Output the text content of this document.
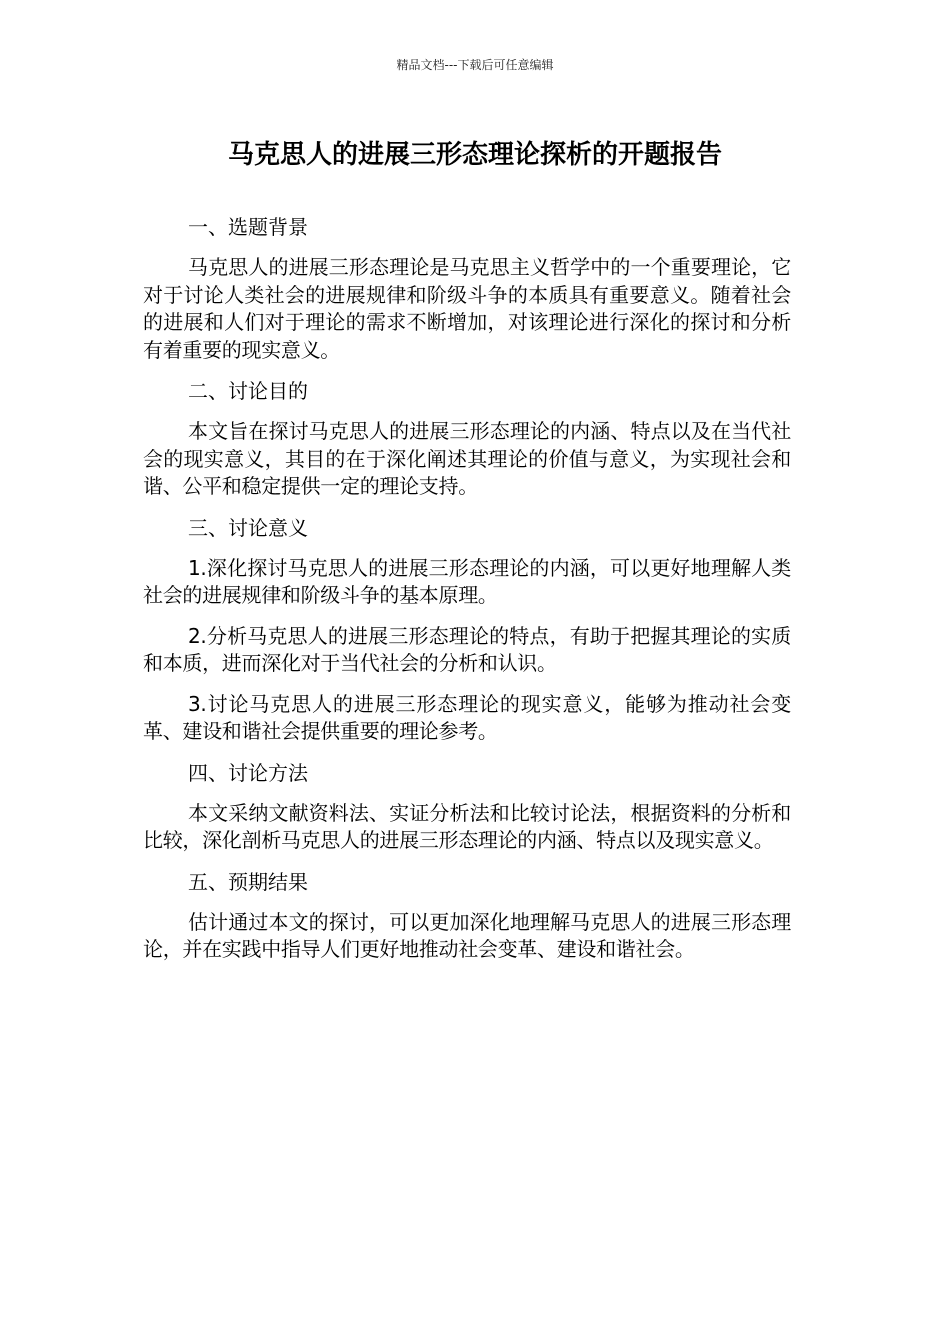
精品文档---下载后可任意编辑
马克思人的进展三形态理论探析的开题报告

一、选题背景

马克思人的进展三形态理论是马克思主义哲学中的一个重要理论，它对于讨论人类社会的进展规律和阶级斗争的本质具有重要意义。随着社会的进展和人们对于理论的需求不断增加，对该理论进行深化的探讨和分析有着重要的现实意义。

二、讨论目的

本文旨在探讨马克思人的进展三形态理论的内涵、特点以及在当代社会的现实意义，其目的在于深化阐述其理论的价值与意义，为实现社会和谐、公平和稳定提供一定的理论支持。

三、讨论意义

1.深化探讨马克思人的进展三形态理论的内涵，可以更好地理解人类社会的进展规律和阶级斗争的基本原理。

2.分析马克思人的进展三形态理论的特点，有助于把握其理论的实质和本质，进而深化对于当代社会的分析和认识。

3.讨论马克思人的进展三形态理论的现实意义，能够为推动社会变革、建设和谐社会提供重要的理论参考。

四、讨论方法

本文采纳文献资料法、实证分析法和比较讨论法，根据资料的分析和比较，深化剖析马克思人的进展三形态理论的内涵、特点以及现实意义。

五、预期结果

估计通过本文的探讨，可以更加深化地理解马克思人的进展三形态理论，并在实践中指导人们更好地推动社会变革、建设和谐社会。
